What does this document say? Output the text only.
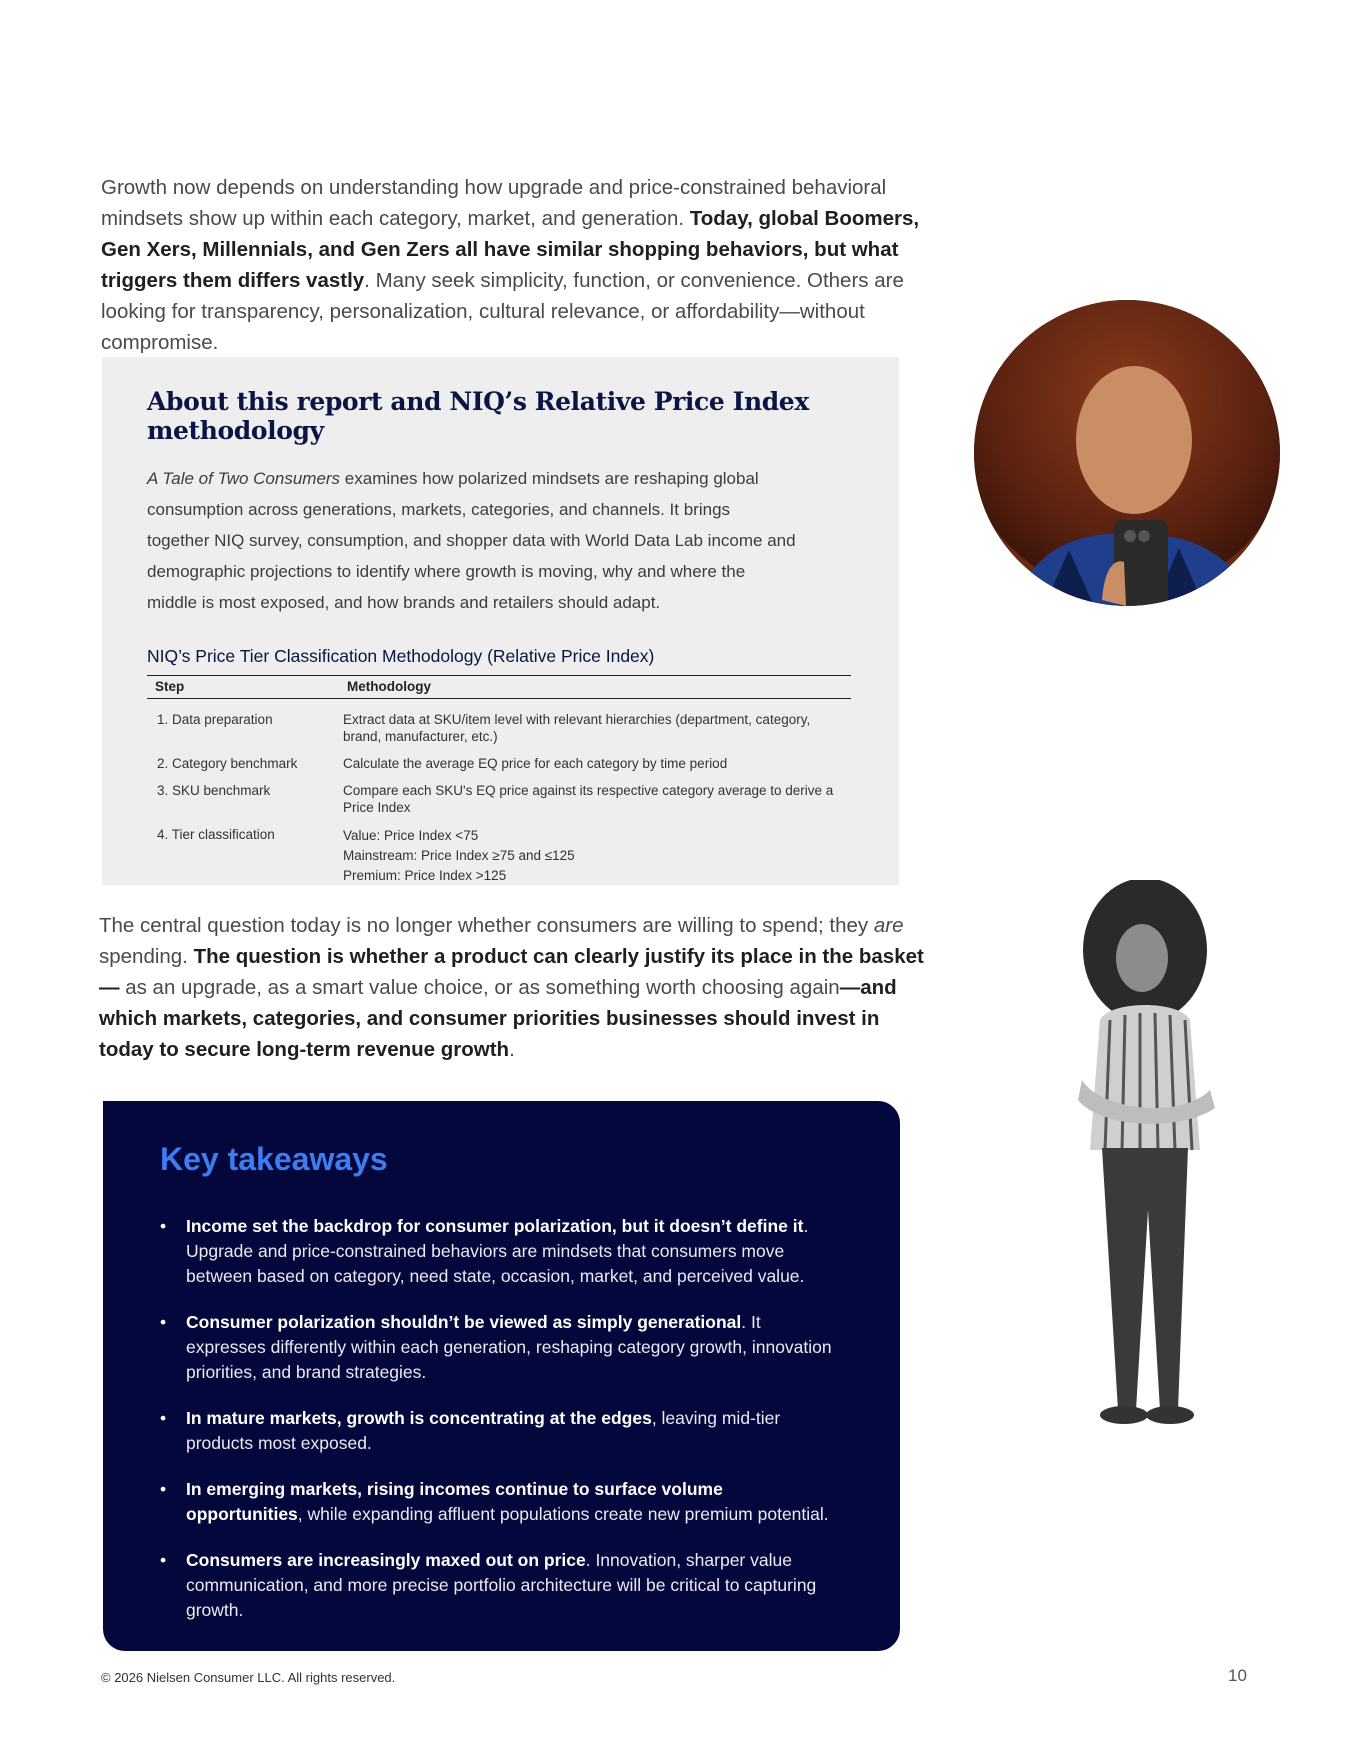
Growth now depends on understanding how upgrade and price-constrained behavioral mindsets show up within each category, market, and generation. Today, global Boomers, Gen Xers, Millennials, and Gen Zers all have similar shopping behaviors, but what triggers them differs vastly. Many seek simplicity, function, or convenience. Others are looking for transparency, personalization, cultural relevance, or affordability—without compromise.

About this report and NIQ’s Relative Price Index methodology

A Tale of Two Consumers examines how polarized mindsets are reshaping global consumption across generations, markets, categories, and channels. It brings together NIQ survey, consumption, and shopper data with World Data Lab income and demographic projections to identify where growth is moving, why and where the middle is most exposed, and how brands and retailers should adapt.

NIQ’s Price Tier Classification Methodology (Relative Price Index)
Step	Methodology
1. Data preparation	Extract data at SKU/item level with relevant hierarchies (department, category, brand, manufacturer, etc.)
2. Category benchmark	Calculate the average EQ price for each category by time period
3. SKU benchmark	Compare each SKU's EQ price against its respective category average to derive a Price Index
4. Tier classification	Value: Price Index <75
Mainstream: Price Index ≥75 and ≤125
Premium: Price Index >125

The central question today is no longer whether consumers are willing to spend; they are spending. The question is whether a product can clearly justify its place in the basket— as an upgrade, as a smart value choice, or as something worth choosing again—and which markets, categories, and consumer priorities businesses should invest in today to secure long-term revenue growth.

Key takeaways
• Income set the backdrop for consumer polarization, but it doesn’t define it. Upgrade and price-constrained behaviors are mindsets that consumers move between based on category, need state, occasion, market, and perceived value.
• Consumer polarization shouldn’t be viewed as simply generational. It expresses differently within each generation, reshaping category growth, innovation priorities, and brand strategies.
• In mature markets, growth is concentrating at the edges, leaving mid-tier products most exposed.
• In emerging markets, rising incomes continue to surface volume opportunities, while expanding affluent populations create new premium potential.
• Consumers are increasingly maxed out on price. Innovation, sharper value communication, and more precise portfolio architecture will be critical to capturing growth.
© 2026 Nielsen Consumer LLC. All rights reserved.	10
